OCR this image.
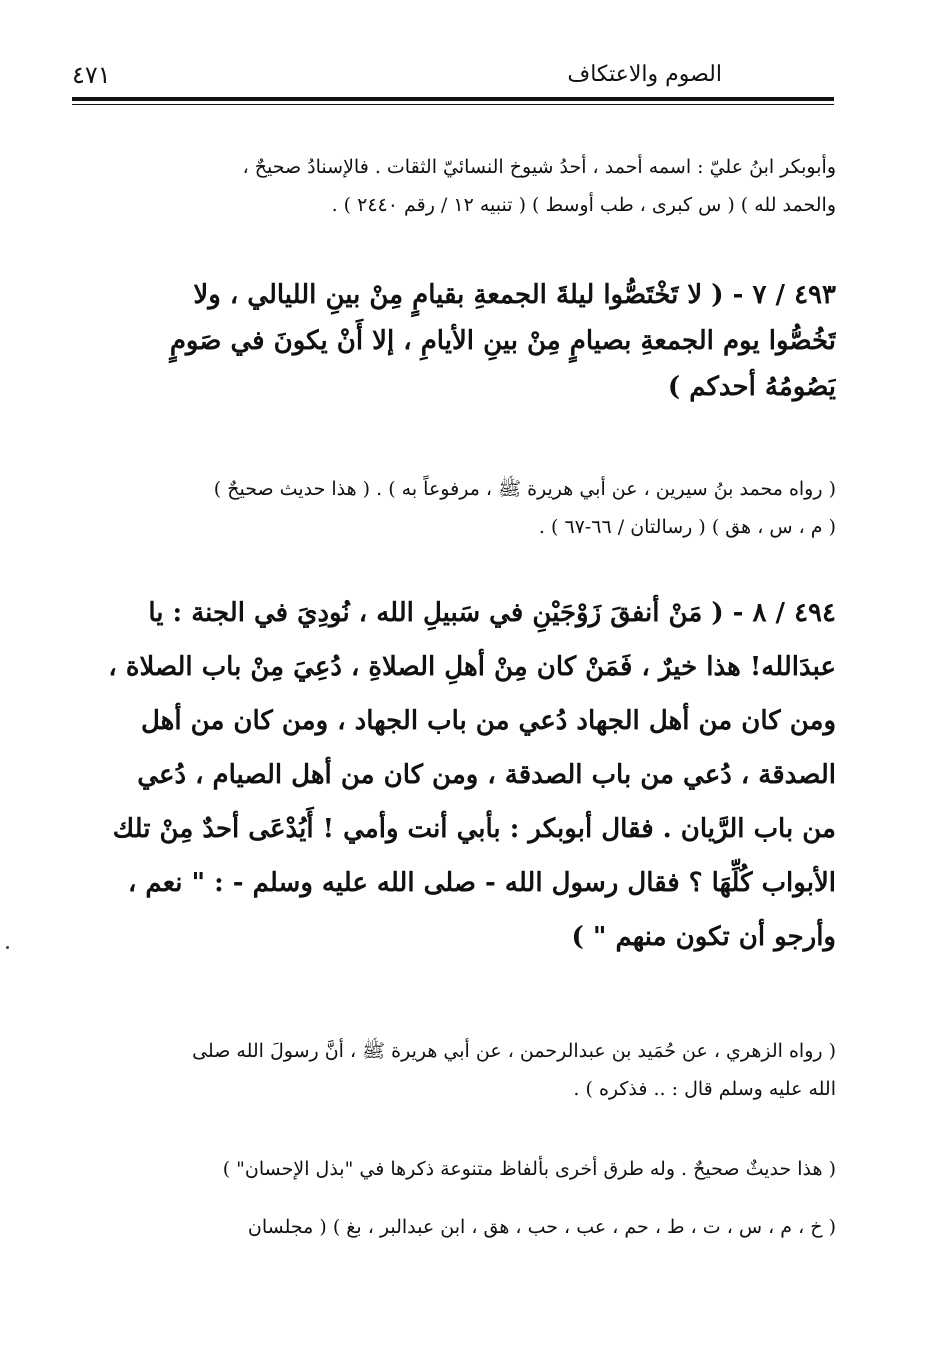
الصوم والاعتكاف
٤٧١
وأبوبكر ابنُ عليّ : اسمه أحمد ، أحدُ شيوخ النسائيّ الثقات . فالإسنادُ صحيحٌ ،
والحمد لله ) ( س كبرى ، طب أوسط ) ( تنبيه ١٢ / رقم ٢٤٤٠ ) .
٤٩٣ / ٧ - ( لا تَخْتَصُّوا ليلةَ الجمعةِ بقيامٍ مِنْ بينِ الليالي ، ولا
تَخُصُّوا يوم الجمعةِ بصيامٍ مِنْ بينِ الأيامِ ، إلا أَنْ يكونَ في صَومٍ
يَصُومُهُ أحدكم )
( رواه محمد بنُ سيرين ، عن أبي هريرة ﷺ ، مرفوعاً به ) . ( هذا حديث صحيحٌ )
( م ، س ، هق ) ( رسالتان / ٦٦-٦٧ ) .
٤٩٤ / ٨ - ( مَنْ أنفقَ زَوْجَيْنِ في سَبيلِ الله ، نُودِيَ في الجنة : يا
عبدَالله! هذا خيرٌ ، فَمَنْ كان مِنْ أهلِ الصلاةِ ، دُعِيَ مِنْ باب الصلاة ،
ومن كان من أهل الجهاد دُعي من باب الجهاد ، ومن كان من أهل
الصدقة ، دُعي من باب الصدقة ، ومن كان من أهل الصيام ، دُعي
من باب الرَّيان . فقال أبوبكر : بأبي أنت وأمي ! أَيُدْعَى أحدٌ مِنْ تلك
الأبواب كُلِّهَا ؟ فقال رسول الله - صلى الله عليه وسلم - : " نعم ،
وأرجو أن تكون منهم " )
( رواه الزهري ، عن حُمَيد بن عبدالرحمن ، عن أبي هريرة ﷺ ، أنَّ رسولَ الله صلى
الله عليه وسلم قال : .. فذكره ) .
( هذا حديثٌ صحيحٌ . وله طرق أخرى بألفاظ متنوعة ذكرها في "بذل الإحسان" )
( خ ، م ، س ، ت ، ط ، حم ، عب ، حب ، هق ، ابن عبدالبر ، بغ ) ( مجلسان
